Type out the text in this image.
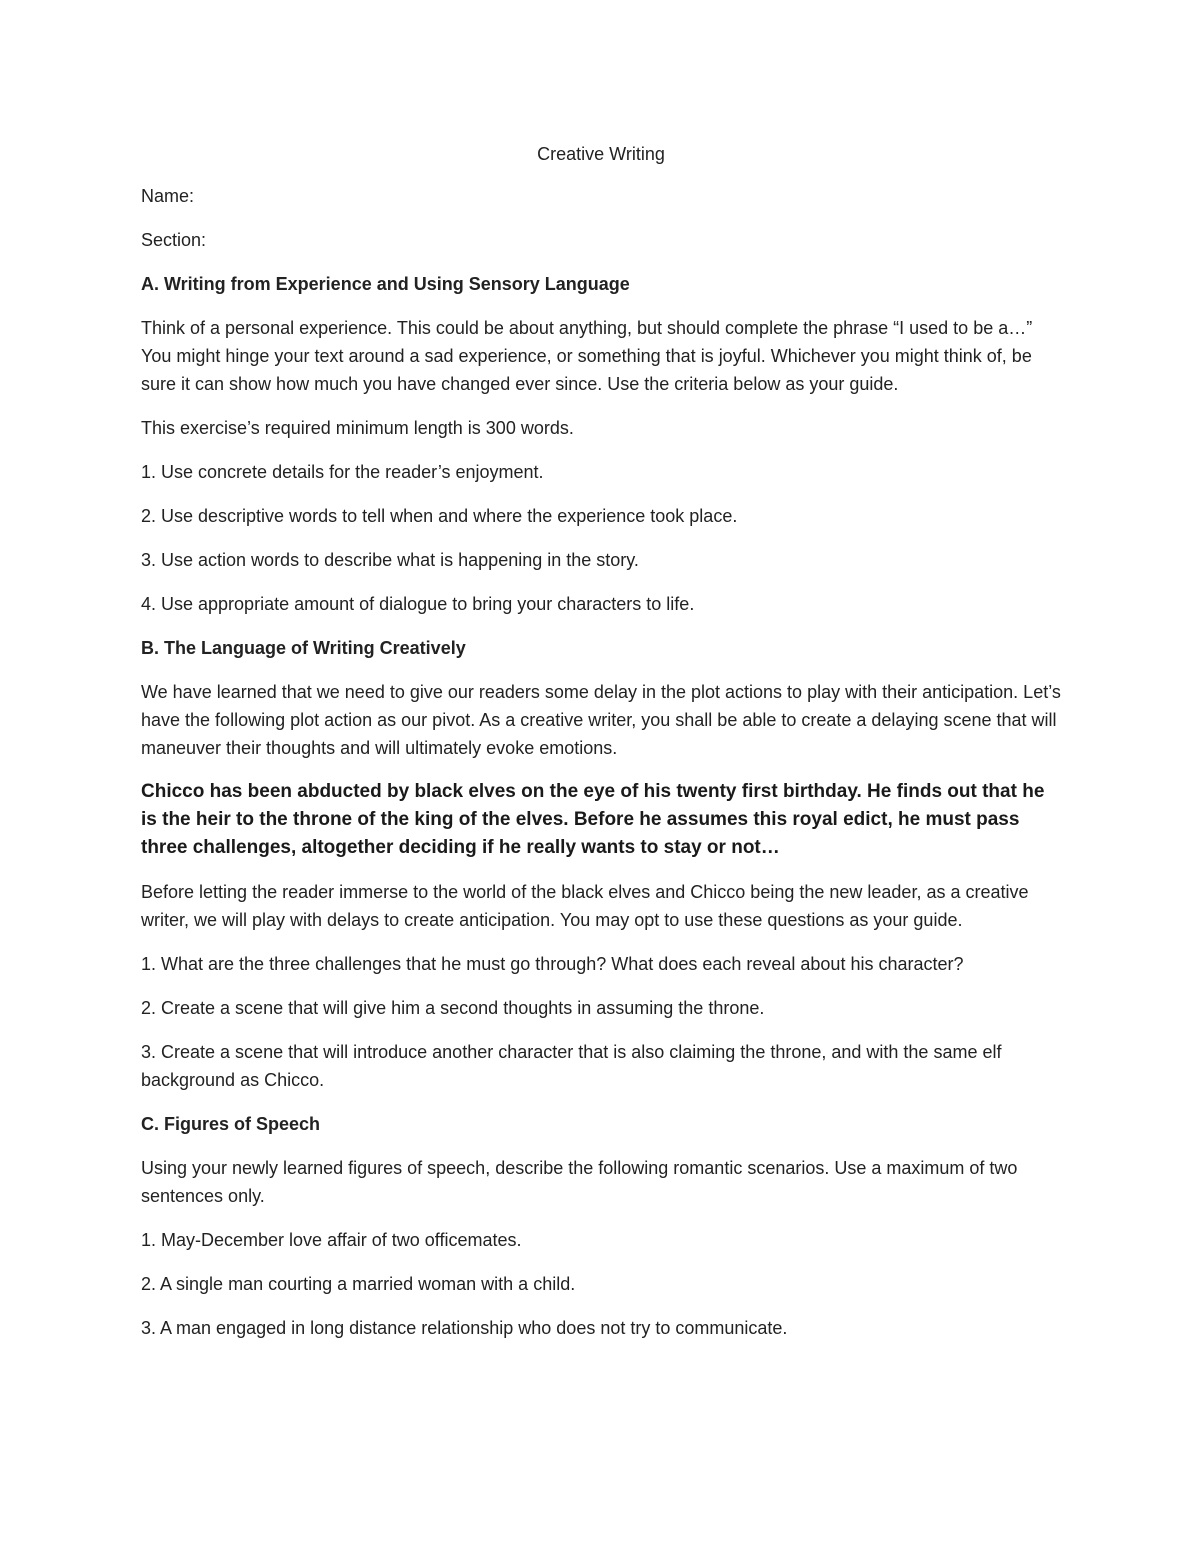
Creative Writing
Name:
Section:
A. Writing from Experience and Using Sensory Language

Think of a personal experience. This could be about anything, but should complete the phrase “I used to be a…” You might hinge your text around a sad experience, or something that is joyful. Whichever you might think of, be sure it can show how much you have changed ever since. Use the criteria below as your guide.

This exercise’s required minimum length is 300 words.

1. Use concrete details for the reader’s enjoyment.

2. Use descriptive words to tell when and where the experience took place.

3. Use action words to describe what is happening in the story.

4. Use appropriate amount of dialogue to bring your characters to life.

B. The Language of Writing Creatively

We have learned that we need to give our readers some delay in the plot actions to play with their anticipation. Let’s have the following plot action as our pivot. As a creative writer, you shall be able to create a delaying scene that will maneuver their thoughts and will ultimately evoke emotions.

Chicco has been abducted by black elves on the eye of his twenty first birthday. He finds out that he is the heir to the throne of the king of the elves. Before he assumes this royal edict, he must pass three challenges, altogether deciding if he really wants to stay or not…

Before letting the reader immerse to the world of the black elves and Chicco being the new leader, as a creative writer, we will play with delays to create anticipation. You may opt to use these questions as your guide.

1. What are the three challenges that he must go through? What does each reveal about his character?

2. Create a scene that will give him a second thoughts in assuming the throne.

3. Create a scene that will introduce another character that is also claiming the throne, and with the same elf background as Chicco.

C. Figures of Speech

Using your newly learned figures of speech, describe the following romantic scenarios. Use a maximum of two sentences only.

1. May-December love affair of two officemates.

2. A single man courting a married woman with a child.

3. A man engaged in long distance relationship who does not try to communicate.
